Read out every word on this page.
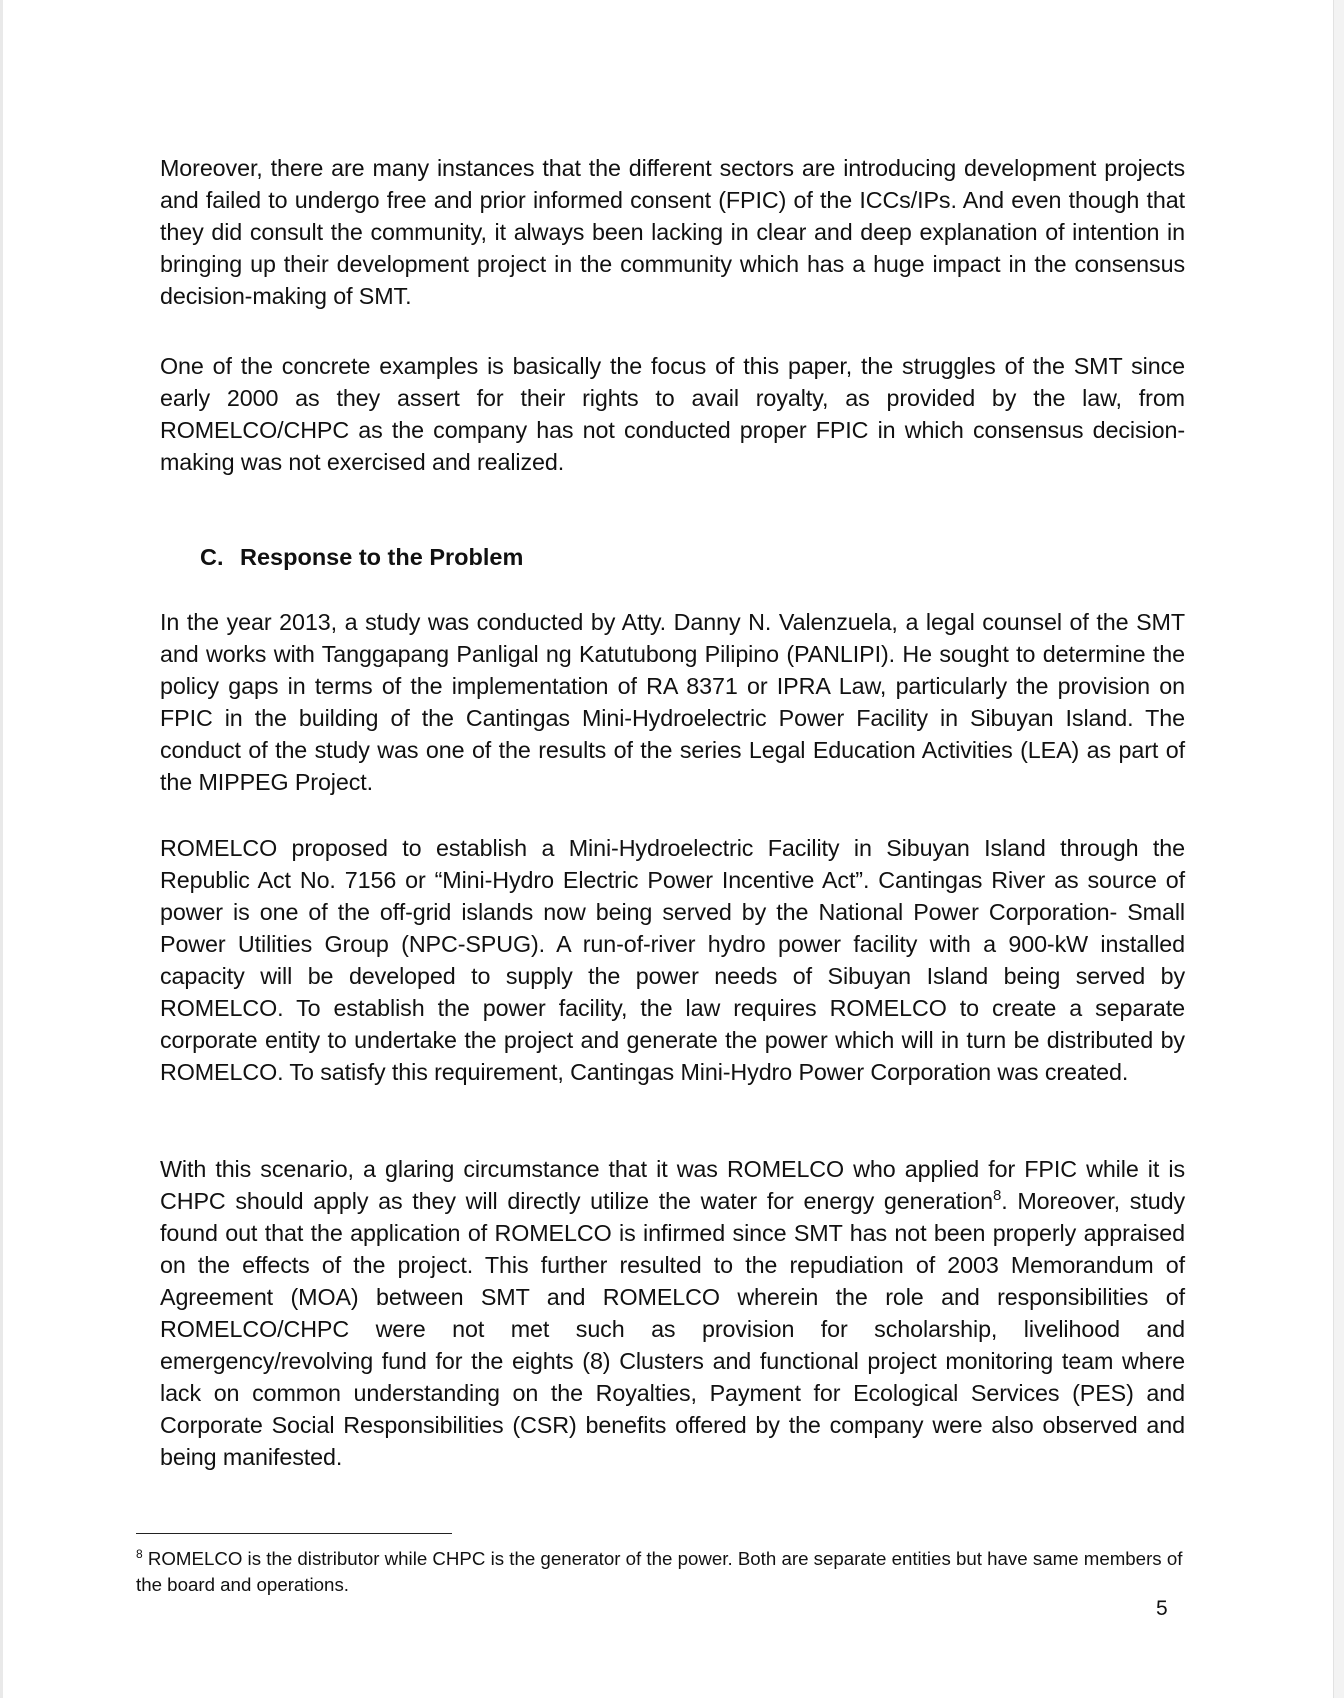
Moreover, there are many instances that the different sectors are introducing development projects and failed to undergo free and prior informed consent (FPIC) of the ICCs/IPs. And even though that they did consult the community, it always been lacking in clear and deep explanation of intention in bringing up their development project in the community which has a huge impact in the consensus decision-making of SMT.

One of the concrete examples is basically the focus of this paper, the struggles of the SMT since early 2000 as they assert for their rights to avail royalty, as provided by the law, from ROMELCO/CHPC as the company has not conducted proper FPIC in which consensus decision-making was not exercised and realized.

C. Response to the Problem

In the year 2013, a study was conducted by Atty. Danny N. Valenzuela, a legal counsel of the SMT and works with Tanggapang Panligal ng Katutubong Pilipino (PANLIPI). He sought to determine the policy gaps in terms of the implementation of RA 8371 or IPRA Law, particularly the provision on FPIC in the building of the Cantingas Mini-Hydroelectric Power Facility in Sibuyan Island. The conduct of the study was one of the results of the series Legal Education Activities (LEA) as part of the MIPPEG Project.

ROMELCO proposed to establish a Mini-Hydroelectric Facility in Sibuyan Island through the Republic Act No. 7156 or “Mini-Hydro Electric Power Incentive Act”. Cantingas River as source of power is one of the off-grid islands now being served by the National Power Corporation- Small Power Utilities Group (NPC-SPUG). A run-of-river hydro power facility with a 900-kW installed capacity will be developed to supply the power needs of Sibuyan Island being served by ROMELCO. To establish the power facility, the law requires ROMELCO to create a separate corporate entity to undertake the project and generate the power which will in turn be distributed by ROMELCO. To satisfy this requirement, Cantingas Mini-Hydro Power Corporation was created.

With this scenario, a glaring circumstance that it was ROMELCO who applied for FPIC while it is CHPC should apply as they will directly utilize the water for energy generation$^8$. Moreover, study found out that the application of ROMELCO is infirmed since SMT has not been properly appraised on the effects of the project. This further resulted to the repudiation of 2003 Memorandum of Agreement (MOA) between SMT and ROMELCO wherein the role and responsibilities of ROMELCO/CHPC were not met such as provision for scholarship, livelihood and emergency/revolving fund for the eights (8) Clusters and functional project monitoring team where lack on common understanding on the Royalties, Payment for Ecological Services (PES) and Corporate Social Responsibilities (CSR) benefits offered by the company were also observed and being manifested.

$^8$ ROMELCO is the distributor while CHPC is the generator of the power. Both are separate entities but have same members of the board and operations.

5
